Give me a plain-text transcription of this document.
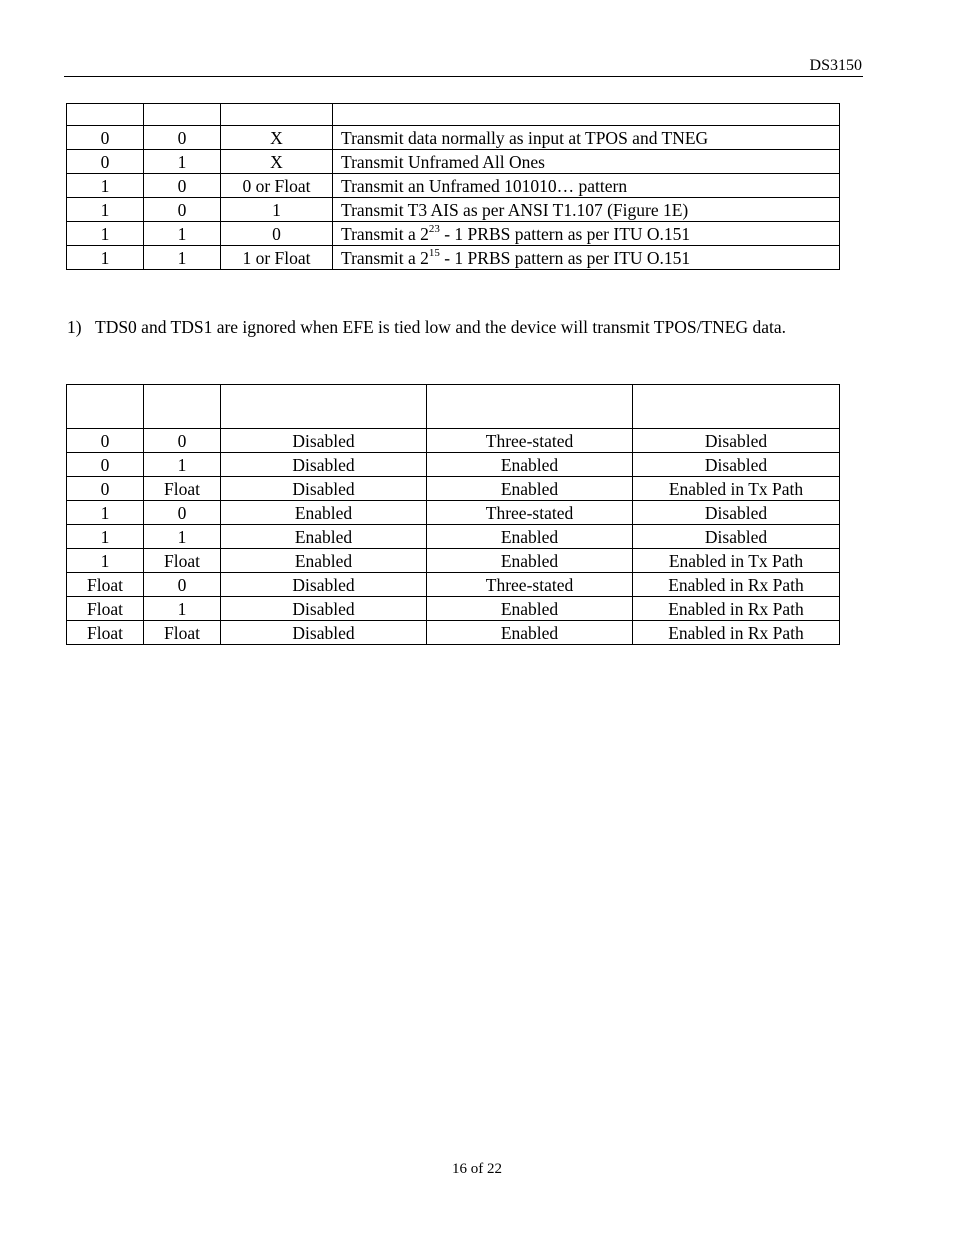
DS3150

0	0	X	Transmit data normally as input at TPOS and TNEG
0	1	X	Transmit Unframed All Ones
1	0	0 or Float	Transmit an Unframed 101010… pattern
1	0	1	Transmit T3 AIS as per ANSI T1.107 (Figure 1E)
1	1	0	Transmit a $2^{23} - 1$ PRBS pattern as per ITU O.151
1	1	1 or Float	Transmit a $2^{15} - 1$ PRBS pattern as per ITU O.151
1) TDS0 and TDS1 are ignored when EFE is tied low and the device will transmit TPOS/TNEG data.

0	0	Disabled	Three-stated	Disabled
0	1	Disabled	Enabled	Disabled
0	Float	Disabled	Enabled	Enabled in Tx Path
1	0	Enabled	Three-stated	Disabled
1	1	Enabled	Enabled	Disabled
1	Float	Enabled	Enabled	Enabled in Tx Path
Float	0	Disabled	Three-stated	Enabled in Rx Path
Float	1	Disabled	Enabled	Enabled in Rx Path
Float	Float	Disabled	Enabled	Enabled in Rx Path
16 of 22
